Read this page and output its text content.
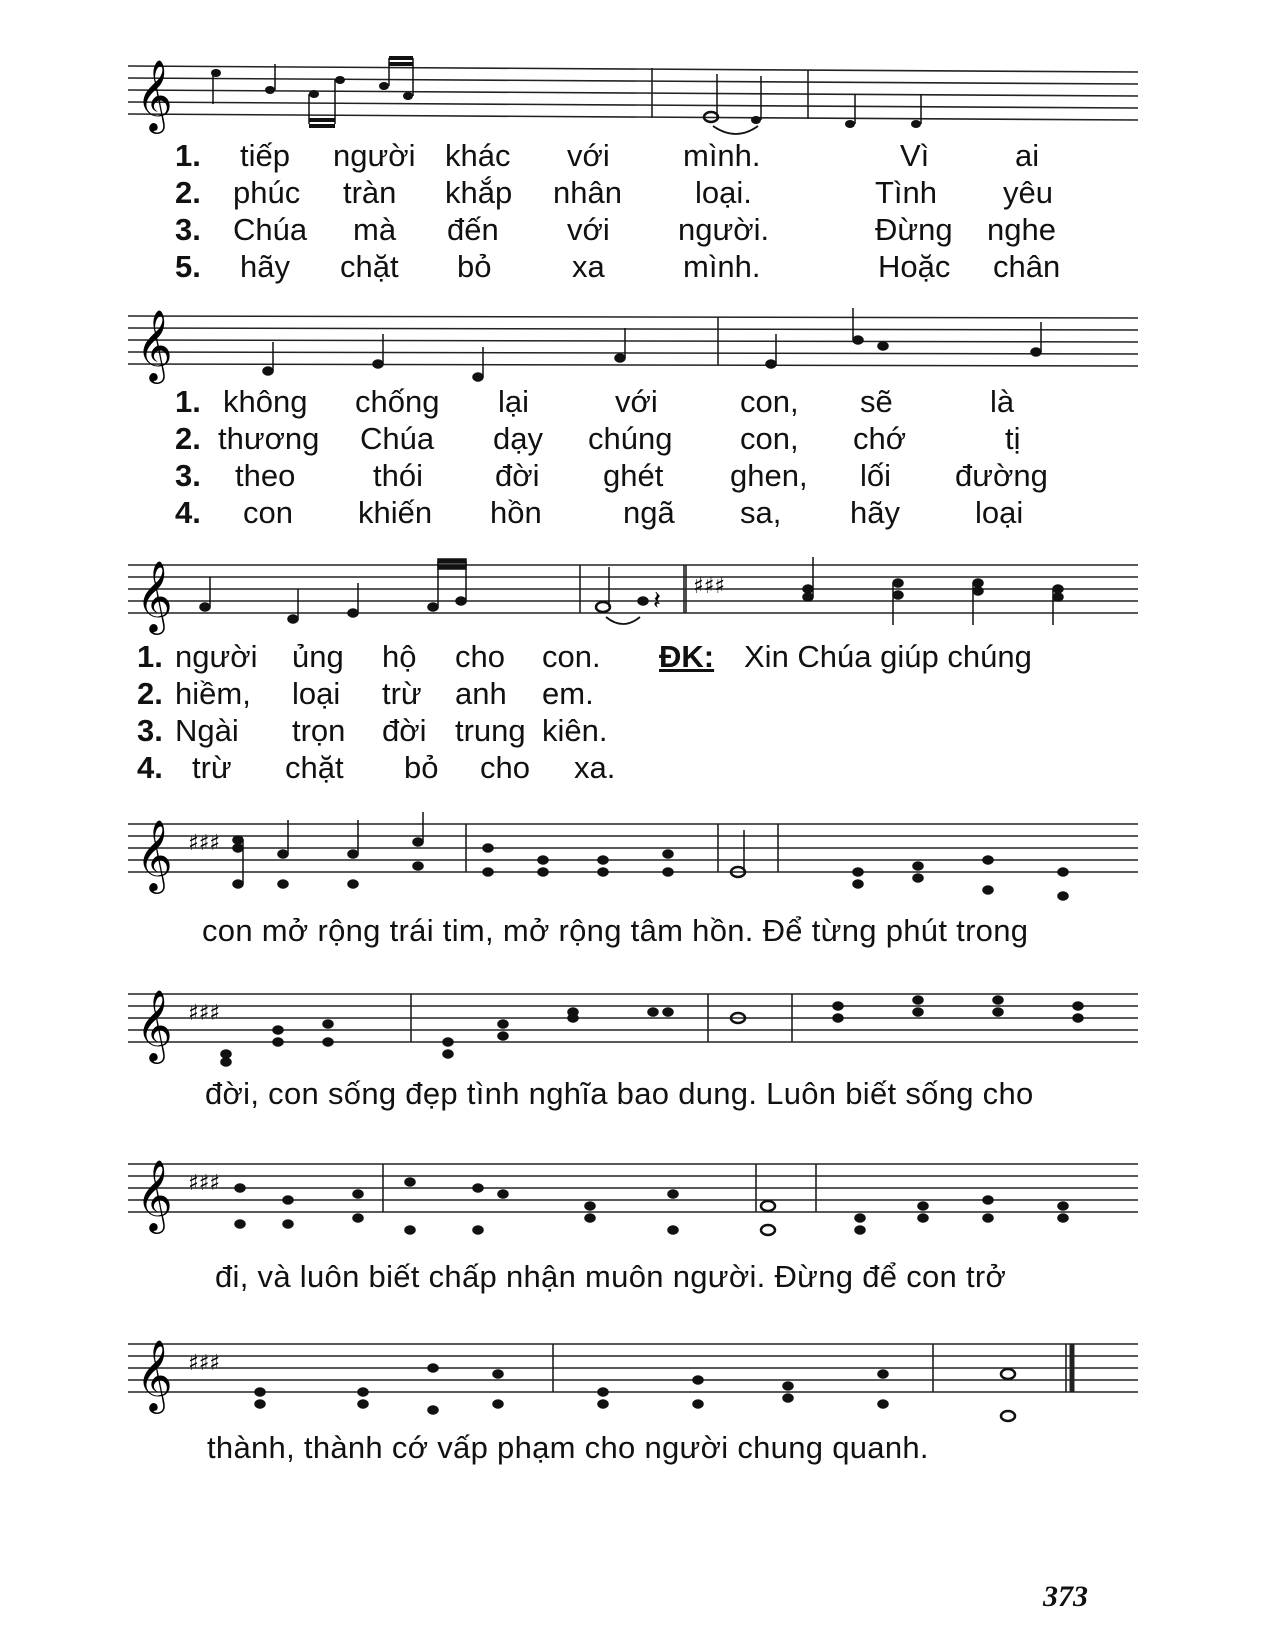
𝄞
1. tiếp người khác với mình.	Vì	ai
2. phúc tràn khắp nhân loại.	Tình yêu
3. Chúa mà đến với người.	Đừng nghe
5. hãy chặt bỏ	xa	mình.	Hoặc chân
𝄞
1. không chống lại	với	con, sẽ	là
2. thương Chúa dạy chúng con, chớ	tị
3. theo	thói đời ghét ghen, lối đường
4. con khiến hồn	ngã sa, hãy loại
𝄞	♯♯♯
𝄽
1. người ủng hộ cho con. ĐK: Xin Chúa giúp chúng
2. hiềm, loại trừ anh em.
3. Ngài trọn đời trung kiên.
4. trừ chặt bỏ cho xa.
𝄞 ♯♯♯
con mở rộng trái tim, mở rộng tâm hồn. Để từng phút trong
𝄞 ♯♯♯
đời, con sống đẹp tình nghĩa bao dung. Luôn biết sống cho
𝄞 ♯♯♯
đi, và luôn biết chấp nhận muôn người. Đừng để con trở
𝄞 ♯♯♯
thành, thành cớ vấp phạm cho người chung quanh.
373
